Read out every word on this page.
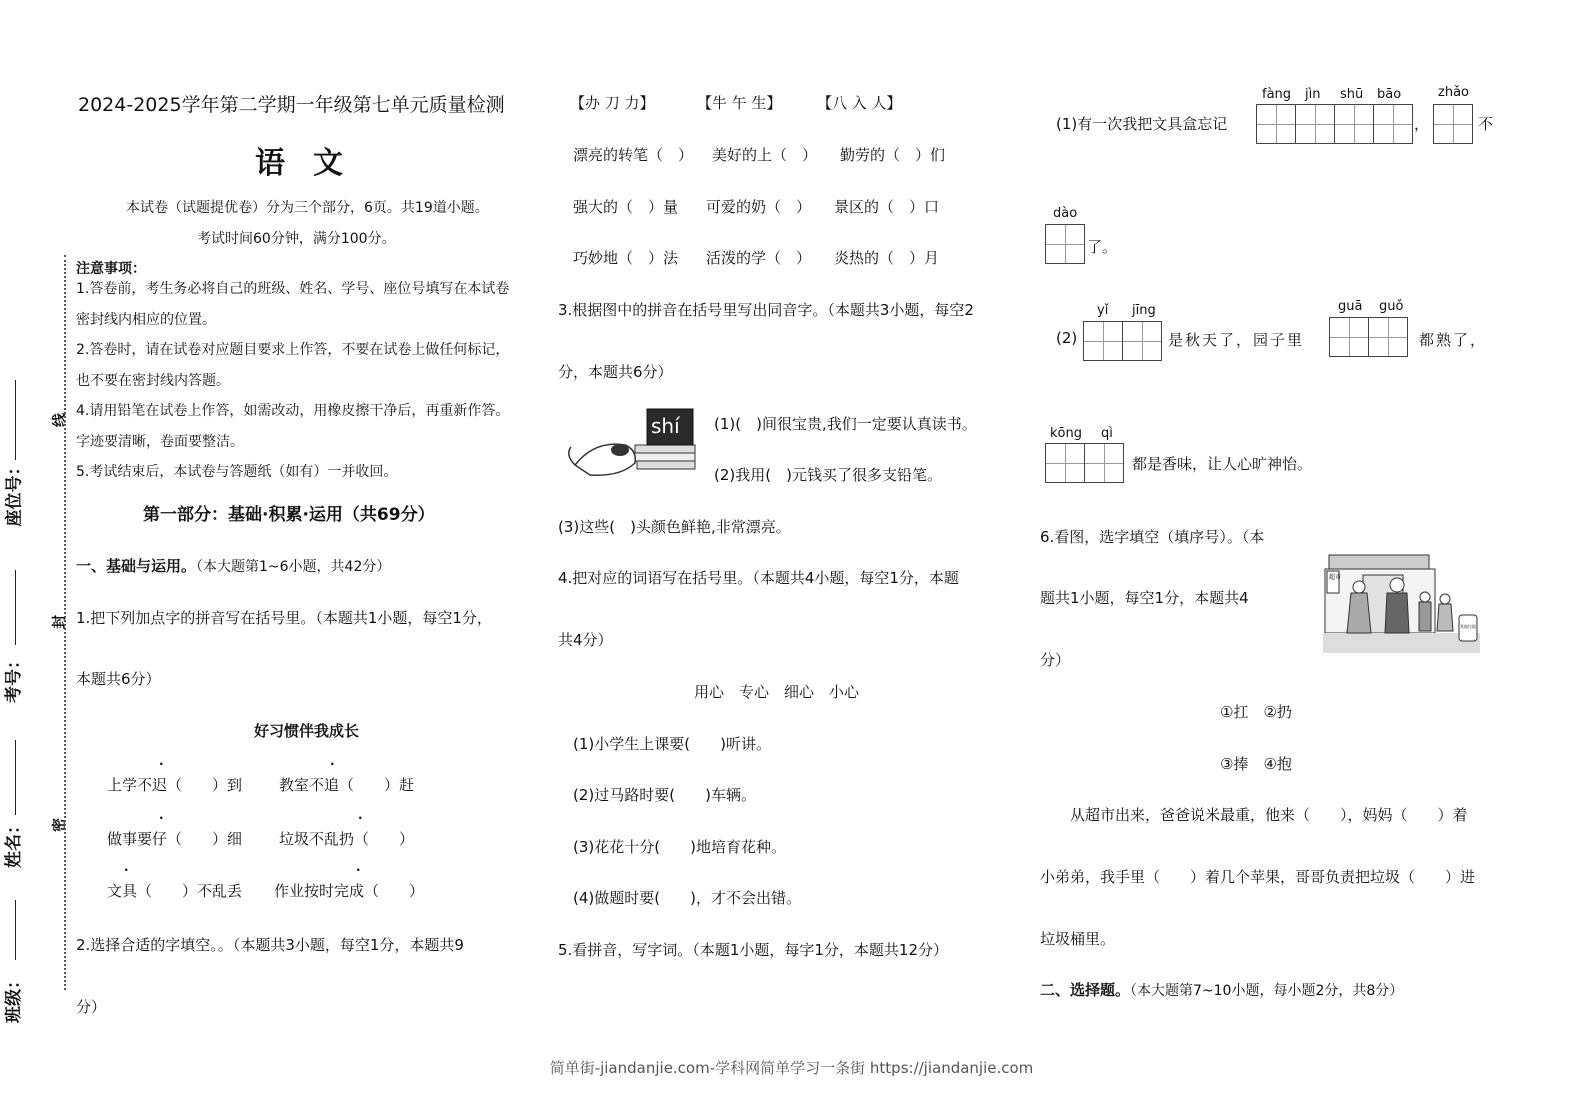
座位号：
考号：
姓名：
班级：
线
封
密
2024-2025学年第二学期一年级第七单元质量检测
语文
本试卷（试题提优卷）分为三个部分，6页。共19道小题。
考试时间60分钟，满分100分。
注意事项：
1.答卷前，考生务必将自己的班级、姓名、学号、座位号填写在本试卷
密封线内相应的位置。
2.答卷时，请在试卷对应题目要求上作答，不要在试卷上做任何标记，
也不要在密封线内答题。
4.请用铅笔在试卷上作答，如需改动，用橡皮擦干净后，再重新作答。
字迹要清晰，卷面要整洁。
5.考试结束后，本试卷与答题纸（如有）一并收回。
第一部分：基础·积累·运用（共69分）
一、基础与运用。（本大题第1~6小题，共42分）
1.把下列加点字的拼音写在括号里。（本题共1小题，每空1分，
本题共6分）
好习惯伴我成长
·	·
上学不迟（　　）到 教室不追（　　）赶
·	·
做事要仔（　　）细 垃圾不乱扔（　　）
·	·
文具（　　）不乱丢 作业按时完成（　　）
2.选择合适的字填空。。（本题共3小题，每空1分，本题共9
分）
【办 刀 力】	【牛 午 生】 【八 入 人】
漂亮的转笔（　） 美好的上（　） 勤劳的（　）们
强大的（　）量 可爱的奶（　） 景区的（　）口
巧妙地（　）法 活泼的学（　） 炎热的（　）月
3.根据图中的拼音在括号里写出同音字。（本题共3小题，每空2
分，本题共6分）
shí (1)(　)间很宝贵,我们一定要认真读书。
(2)我用(　)元钱买了很多支铅笔。
(3)这些(　)头颜色鲜艳,非常漂亮。
4.把对应的词语写在括号里。（本题共4小题，每空1分，本题
共4分）
用心　专心　细心　小心
(1)小学生上课要(　　)听讲。
(2)过马路时要(　　)车辆。
(3)花花十分(　　)地培育花种。
(4)做题时要(　　)，才不会出错。
5.看拼音，写字词。（本题1小题，每字1分，本题共12分）
(1)有一次我把文具盒忘记
fàng jìn shū bāo
，
zhǎo
不
dào
了。
(2)
yǐ jīng
是秋天了，园子里
guā guǒ
都熟了，
kōng qì
都是香味，让人心旷神怡。
6.看图，选字填空（填序号）。（本
题共1小题，每空1分，本题共4
分）
超市
其他垃圾
①扛　②扔
③捧　④抱
从超市出来，爸爸说米最重，他来（　　），妈妈（　　）着
小弟弟，我手里（　　）着几个苹果，哥哥负责把垃圾（　　）进
垃圾桶里。
二、选择题。（本大题第7~10小题，每小题2分，共8分）
简单街-jiandanjie.com-学科网简单学习一条街 https://jiandanjie.com
